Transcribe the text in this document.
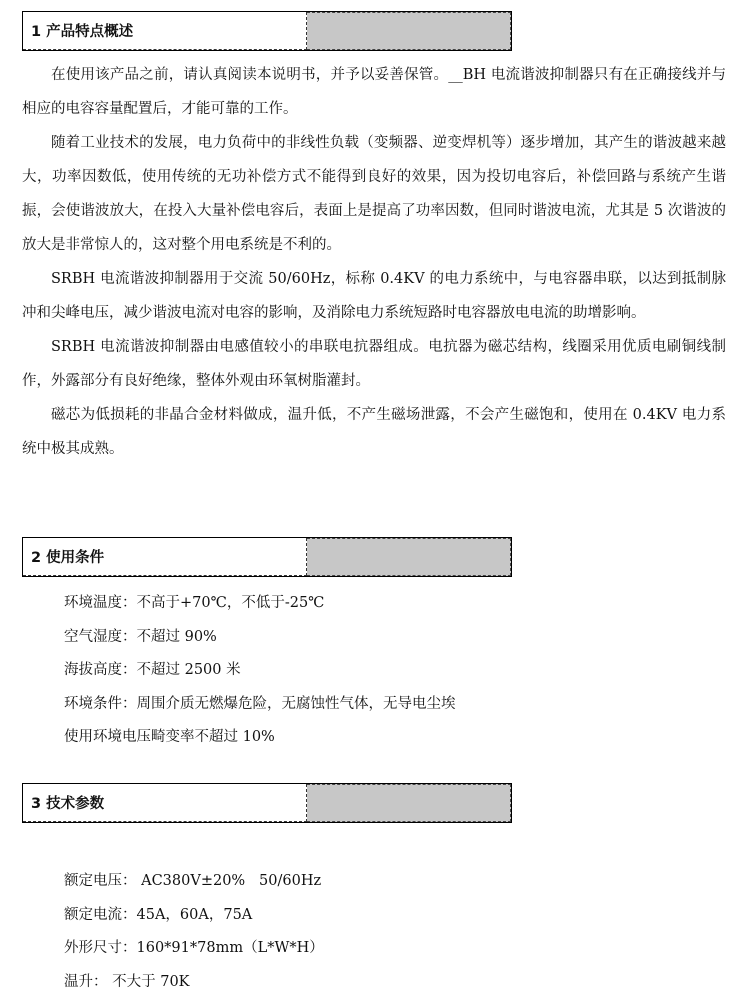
1 产品特点概述

在使用该产品之前，请认真阅读本说明书，并予以妥善保管。__BH 电流谐波抑制器只有在正确接线并与相应的电容容量配置后，才能可靠的工作。

随着工业技术的发展，电力负荷中的非线性负载（变频器、逆变焊机等）逐步增加，其产生的谐波越来越大，功率因数低，使用传统的无功补偿方式不能得到良好的效果，因为投切电容后，补偿回路与系统产生谐振，会使谐波放大，在投入大量补偿电容后，表面上是提高了功率因数，但同时谐波电流，尤其是 5 次谐波的放大是非常惊人的，这对整个用电系统是不利的。

SRBH 电流谐波抑制器用于交流 50/60Hz，标称 0.4KV 的电力系统中，与电容器串联，以达到抵制脉冲和尖峰电压，减少谐波电流对电容的影响，及消除电力系统短路时电容器放电电流的助增影响。

SRBH 电流谐波抑制器由电感值较小的串联电抗器组成。电抗器为磁芯结构，线圈采用优质电刷铜线制作，外露部分有良好绝缘，整体外观由环氧树脂灌封。

磁芯为低损耗的非晶合金材料做成，温升低，不产生磁场泄露，不会产生磁饱和，使用在 0.4KV 电力系统中极其成熟。

2 使用条件
环境温度：不高于+70℃，不低于-25℃
空气湿度：不超过 90%
海拔高度：不超过 2500 米
环境条件：周围介质无燃爆危险，无腐蚀性气体，无导电尘埃
使用环境电压畸变率不超过 10%
3 技术参数
额定电压： AC380V±20%   50/60Hz
额定电流：45A，60A，75A
外形尺寸：160*91*78mm（L*W*H）
温升： 不大于 70K
